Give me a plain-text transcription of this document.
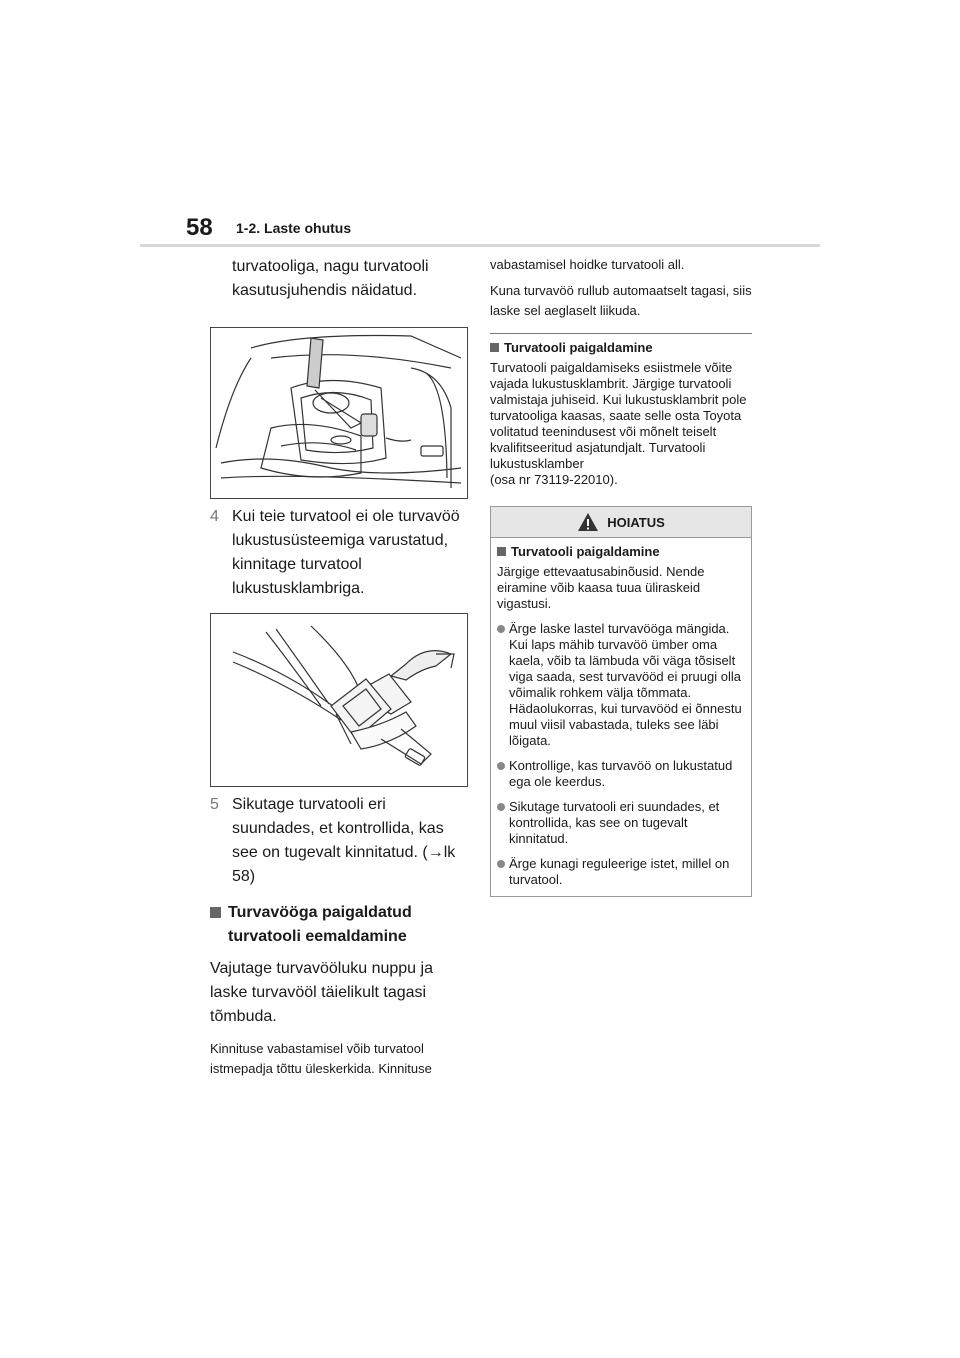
58 1-2. Laste ohutus
turvatooliga, nagu turvatooli kasutusjuhendis näidatud.
4 Kui teie turvatool ei ole turvavöö lukustusüsteemiga varustatud, kinnitage turvatool lukustusklambriga.
5 Sikutage turvatooli eri suundades, et kontrollida, kas see on tugevalt kinnitatud. (→lk 58)
Turvavööga paigaldatud turvatooli eemaldamine
Vajutage turvavööluku nuppu ja laske turvavööl täielikult tagasi tõmbuda.
Kinnituse vabastamisel võib turvatool istmepadja tõttu üleskerkida. Kinnituse
vabastamisel hoidke turvatooli all.
Kuna turvavöö rullub automaatselt tagasi, siis laske sel aeglaselt liikuda.
Turvatooli paigaldamine
Turvatooli paigaldamiseks esiistmele võite vajada lukustusklambrit. Järgige turvatooli valmistaja juhiseid. Kui lukustusklambrit pole turvatooliga kaasas, saate selle osta Toyota volitatud teenindusest või mõnelt teiselt kvalifitseeritud asjatundjalt. Turvatooli lukustusklamber
(osa nr 73119-22010).
HOIATUS
Turvatooli paigaldamine
Järgige ettevaatusabinõusid. Nende eiramine võib kaasa tuua üliraskeid vigastusi.
Ärge laske lastel turvavööga mängida. Kui laps mähib turvavöö ümber oma kaela, võib ta lämbuda või väga tõsiselt viga saada, sest turvavööd ei pruugi olla võimalik rohkem välja tõmmata. Hädaolukorras, kui turvavööd ei õnnestu muul viisil vabastada, tuleks see läbi lõigata.
Kontrollige, kas turvavöö on lukustatud ega ole keerdus.
Sikutage turvatooli eri suundades, et kontrollida, kas see on tugevalt kinnitatud.
Ärge kunagi reguleerige istet, millel on turvatool.
